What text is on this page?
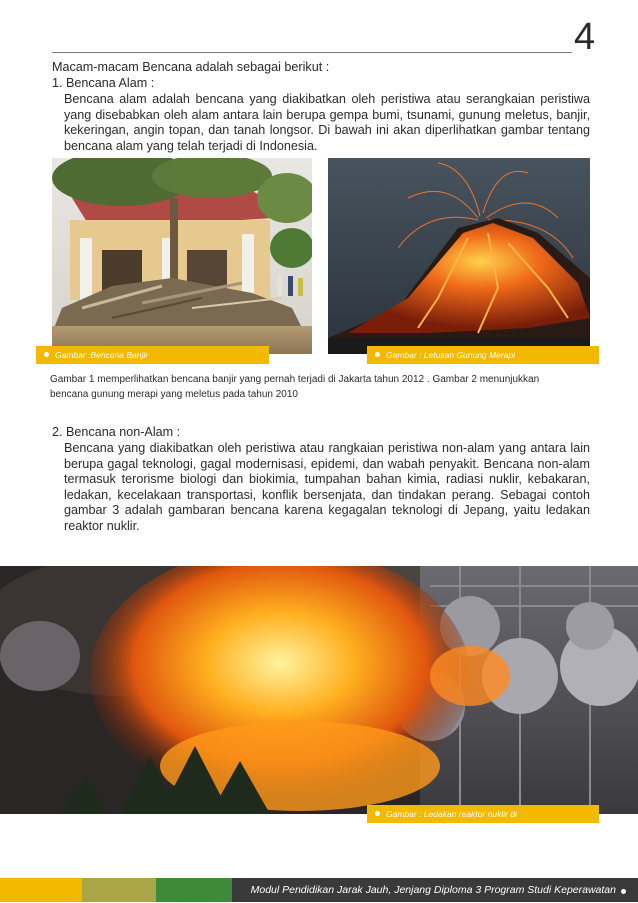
4
Macam-macam Bencana adalah sebagai berikut :
1. Bencana Alam :
Bencana alam adalah bencana yang diakibatkan oleh peristiwa atau serangkaian peristiwa yang disebabkan oleh alam antara lain berupa gempa bumi, tsunami, gunung meletus, banjir, kekeringan, angin topan, dan tanah longsor. Di bawah ini akan diperlihatkan gambar tentang bencana alam yang telah terjadi di Indonesia.
Gambar :Bencana Banjir	Gambar : Letusan Gunung Merapi
Gambar 1 memperlihatkan bencana banjir yang pernah terjadi di Jakarta tahun 2012 . Gambar 2 menunjukkan
bencana gunung merapi yang meletus pada tahun 2010
2. Bencana non-Alam :
Bencana yang diakibatkan oleh peristiwa atau rangkaian peristiwa non-alam yang antara lain berupa gagal teknologi, gagal modernisasi, epidemi, dan wabah penyakit. Bencana non-alam termasuk terorisme biologi dan biokimia, tumpahan bahan kimia, radiasi nuklir, kebakaran, ledakan, kecelakaan transportasi, konflik bersenjata, dan tindakan perang. Sebagai contoh gambar 3 adalah gambaran bencana karena kegagalan teknologi di Jepang, yaitu ledakan reaktor nuklir.
Gambar : Ledakan reaktor nuklir di
Modul Pendidikan Jarak Jauh, Jenjang Diploma 3 Program Studi Keperawatan
